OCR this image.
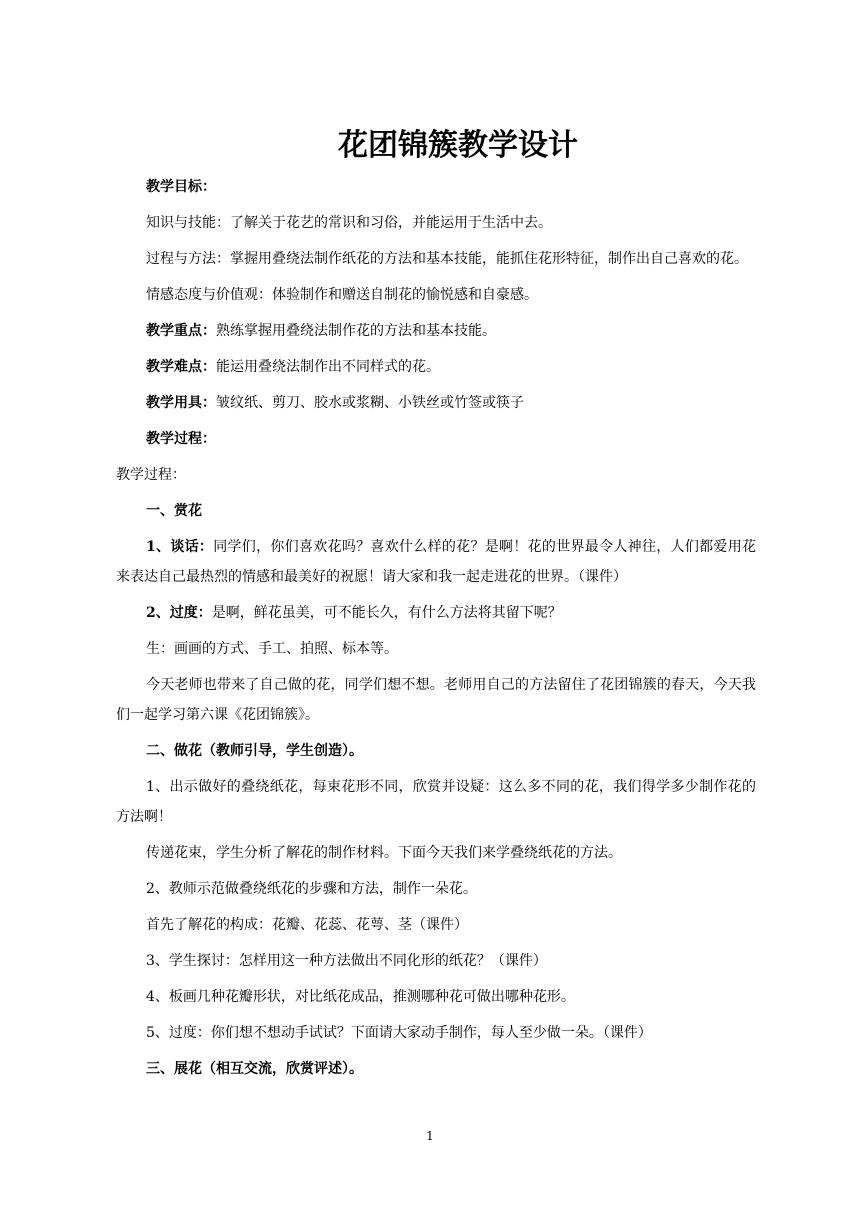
花团锦簇教学设计

教学目标：

知识与技能：了解关于花艺的常识和习俗，并能运用于生活中去。

过程与方法：掌握用叠绕法制作纸花的方法和基本技能，能抓住花形特征，制作出自己喜欢的花。

情感态度与价值观：体验制作和赠送自制花的愉悦感和自豪感。

教学重点：熟练掌握用叠绕法制作花的方法和基本技能。

教学难点：能运用叠绕法制作出不同样式的花。

教学用具：皱纹纸、剪刀、胶水或浆糊、小铁丝或竹签或筷子

教学过程：

教学过程：

一、赏花

1、谈话：同学们，你们喜欢花吗？喜欢什么样的花？是啊！花的世界最令人神往，人们都爱用花来表达自己最热烈的情感和最美好的祝愿！请大家和我一起走进花的世界。（课件）

2、过度：是啊，鲜花虽美，可不能长久，有什么方法将其留下呢？

生：画画的方式、手工、拍照、标本等。

今天老师也带来了自己做的花，同学们想不想。老师用自己的方法留住了花团锦簇的春天，今天我们一起学习第六课《花团锦簇》。

二、做花（教师引导，学生创造）。

1、出示做好的叠绕纸花，每束花形不同，欣赏并设疑：这么多不同的花，我们得学多少制作花的方法啊！

传递花束，学生分析了解花的制作材料。下面今天我们来学叠绕纸花的方法。

2、教师示范做叠绕纸花的步骤和方法，制作一朵花。

首先了解花的构成：花瓣、花蕊、花萼、茎（课件）

3、学生探讨：怎样用这一种方法做出不同化形的纸花？（课件）

4、板画几种花瓣形状，对比纸花成品，推测哪种花可做出哪种花形。

5、过度：你们想不想动手试试？下面请大家动手制作，每人至少做一朵。（课件）

三、展花（相互交流，欣赏评述）。

1
